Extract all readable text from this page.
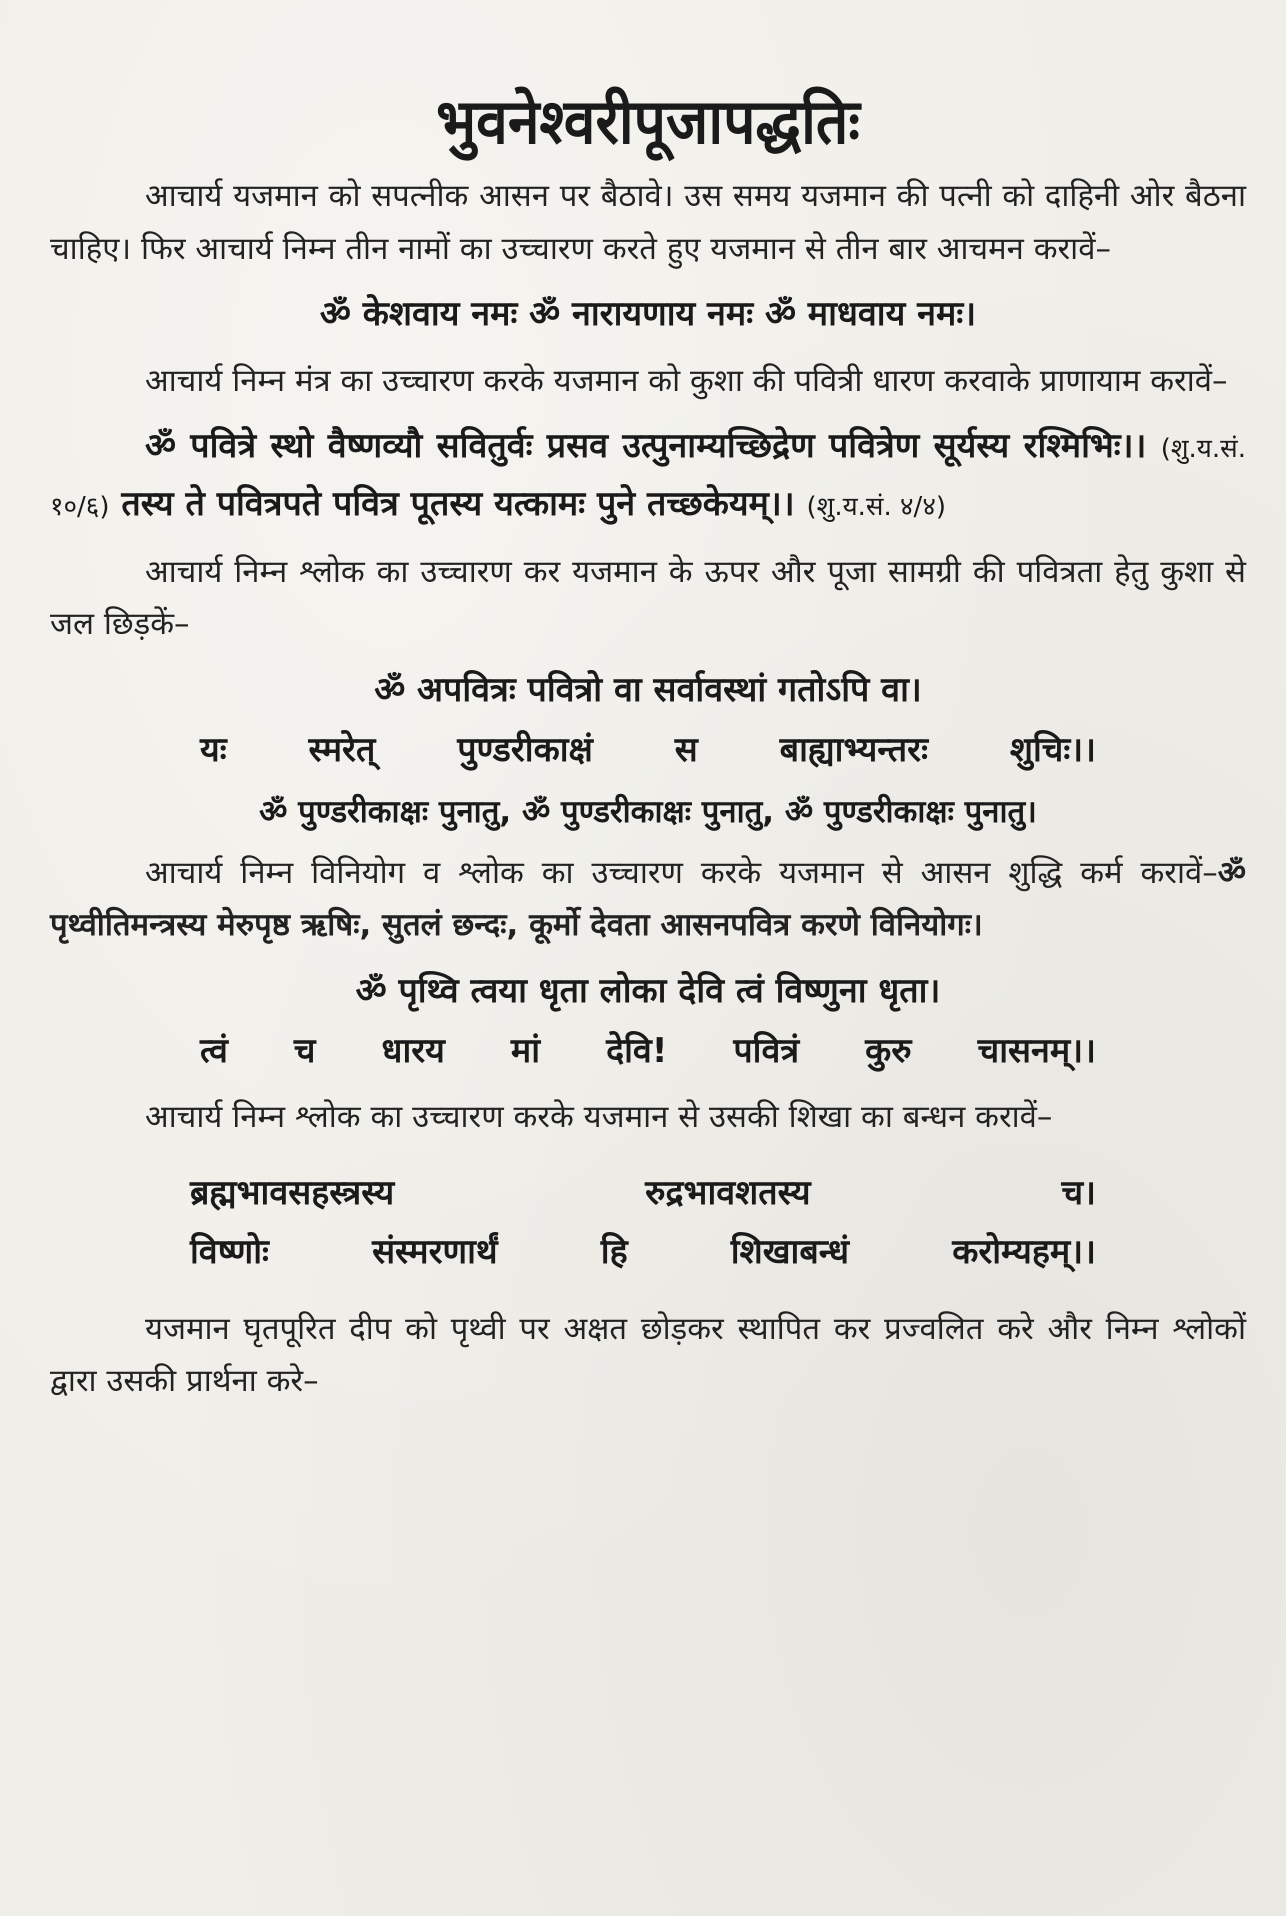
भुवनेश्वरीपूजापद्धतिः

आचार्य यजमान को सपत्नीक आसन पर बैठावे। उस समय यजमान की पत्नी को दाहिनी ओर बैठना चाहिए। फिर आचार्य निम्न तीन नामों का उच्चारण करते हुए यजमान से तीन बार आचमन करावें–

ॐ केशवाय नमः ॐ नारायणाय नमः ॐ माधवाय नमः।

आचार्य निम्न मंत्र का उच्चारण करके यजमान को कुशा की पवित्री धारण करवाके प्राणायाम करावें–

ॐ पवित्रे स्थो वैष्णव्यौ सवितुर्वः प्रसव उत्पुनाम्यच्छिद्रेण पवित्रेण सूर्यस्य रश्मिभिः।। (शु.य.सं. १०/६) तस्य ते पवित्रपते पवित्र पूतस्य यत्कामः पुने तच्छकेयम्।। (शु.य.सं. ४/४)

आचार्य निम्न श्लोक का उच्चारण कर यजमान के ऊपर और पूजा सामग्री की पवित्रता हेतु कुशा से जल छिड़कें–

ॐ अपवित्रः पवित्रो वा सर्वावस्थां गतोऽपि वा।
यः स्मरेत् पुण्डरीकाक्षं स बाह्याभ्यन्तरः शुचिः।।
ॐ पुण्डरीकाक्षः पुनातु, ॐ पुण्डरीकाक्षः पुनातु, ॐ पुण्डरीकाक्षः पुनातु।

आचार्य निम्न विनियोग व श्लोक का उच्चारण करके यजमान से आसन शुद्धि कर्म करावें–ॐ पृथ्वीतिमन्त्रस्य मेरुपृष्ठ ऋषिः, सुतलं छन्दः, कूर्मो देवता आसनपवित्र करणे विनियोगः।

ॐ पृथ्वि त्वया धृता लोका देवि त्वं विष्णुना धृता।
त्वं च धारय मां देवि! पवित्रं कुरु चासनम्।।

आचार्य निम्न श्लोक का उच्चारण करके यजमान से उसकी शिखा का बन्धन करावें–

ब्रह्मभावसहस्त्रस्य रुद्रभावशतस्य च।
विष्णोः संस्मरणार्थं हि शिखाबन्धं करोम्यहम्।।

यजमान घृतपूरित दीप को पृथ्वी पर अक्षत छोड़कर स्थापित कर प्रज्वलित करे और निम्न श्लोकों द्वारा उसकी प्रार्थना करे–
